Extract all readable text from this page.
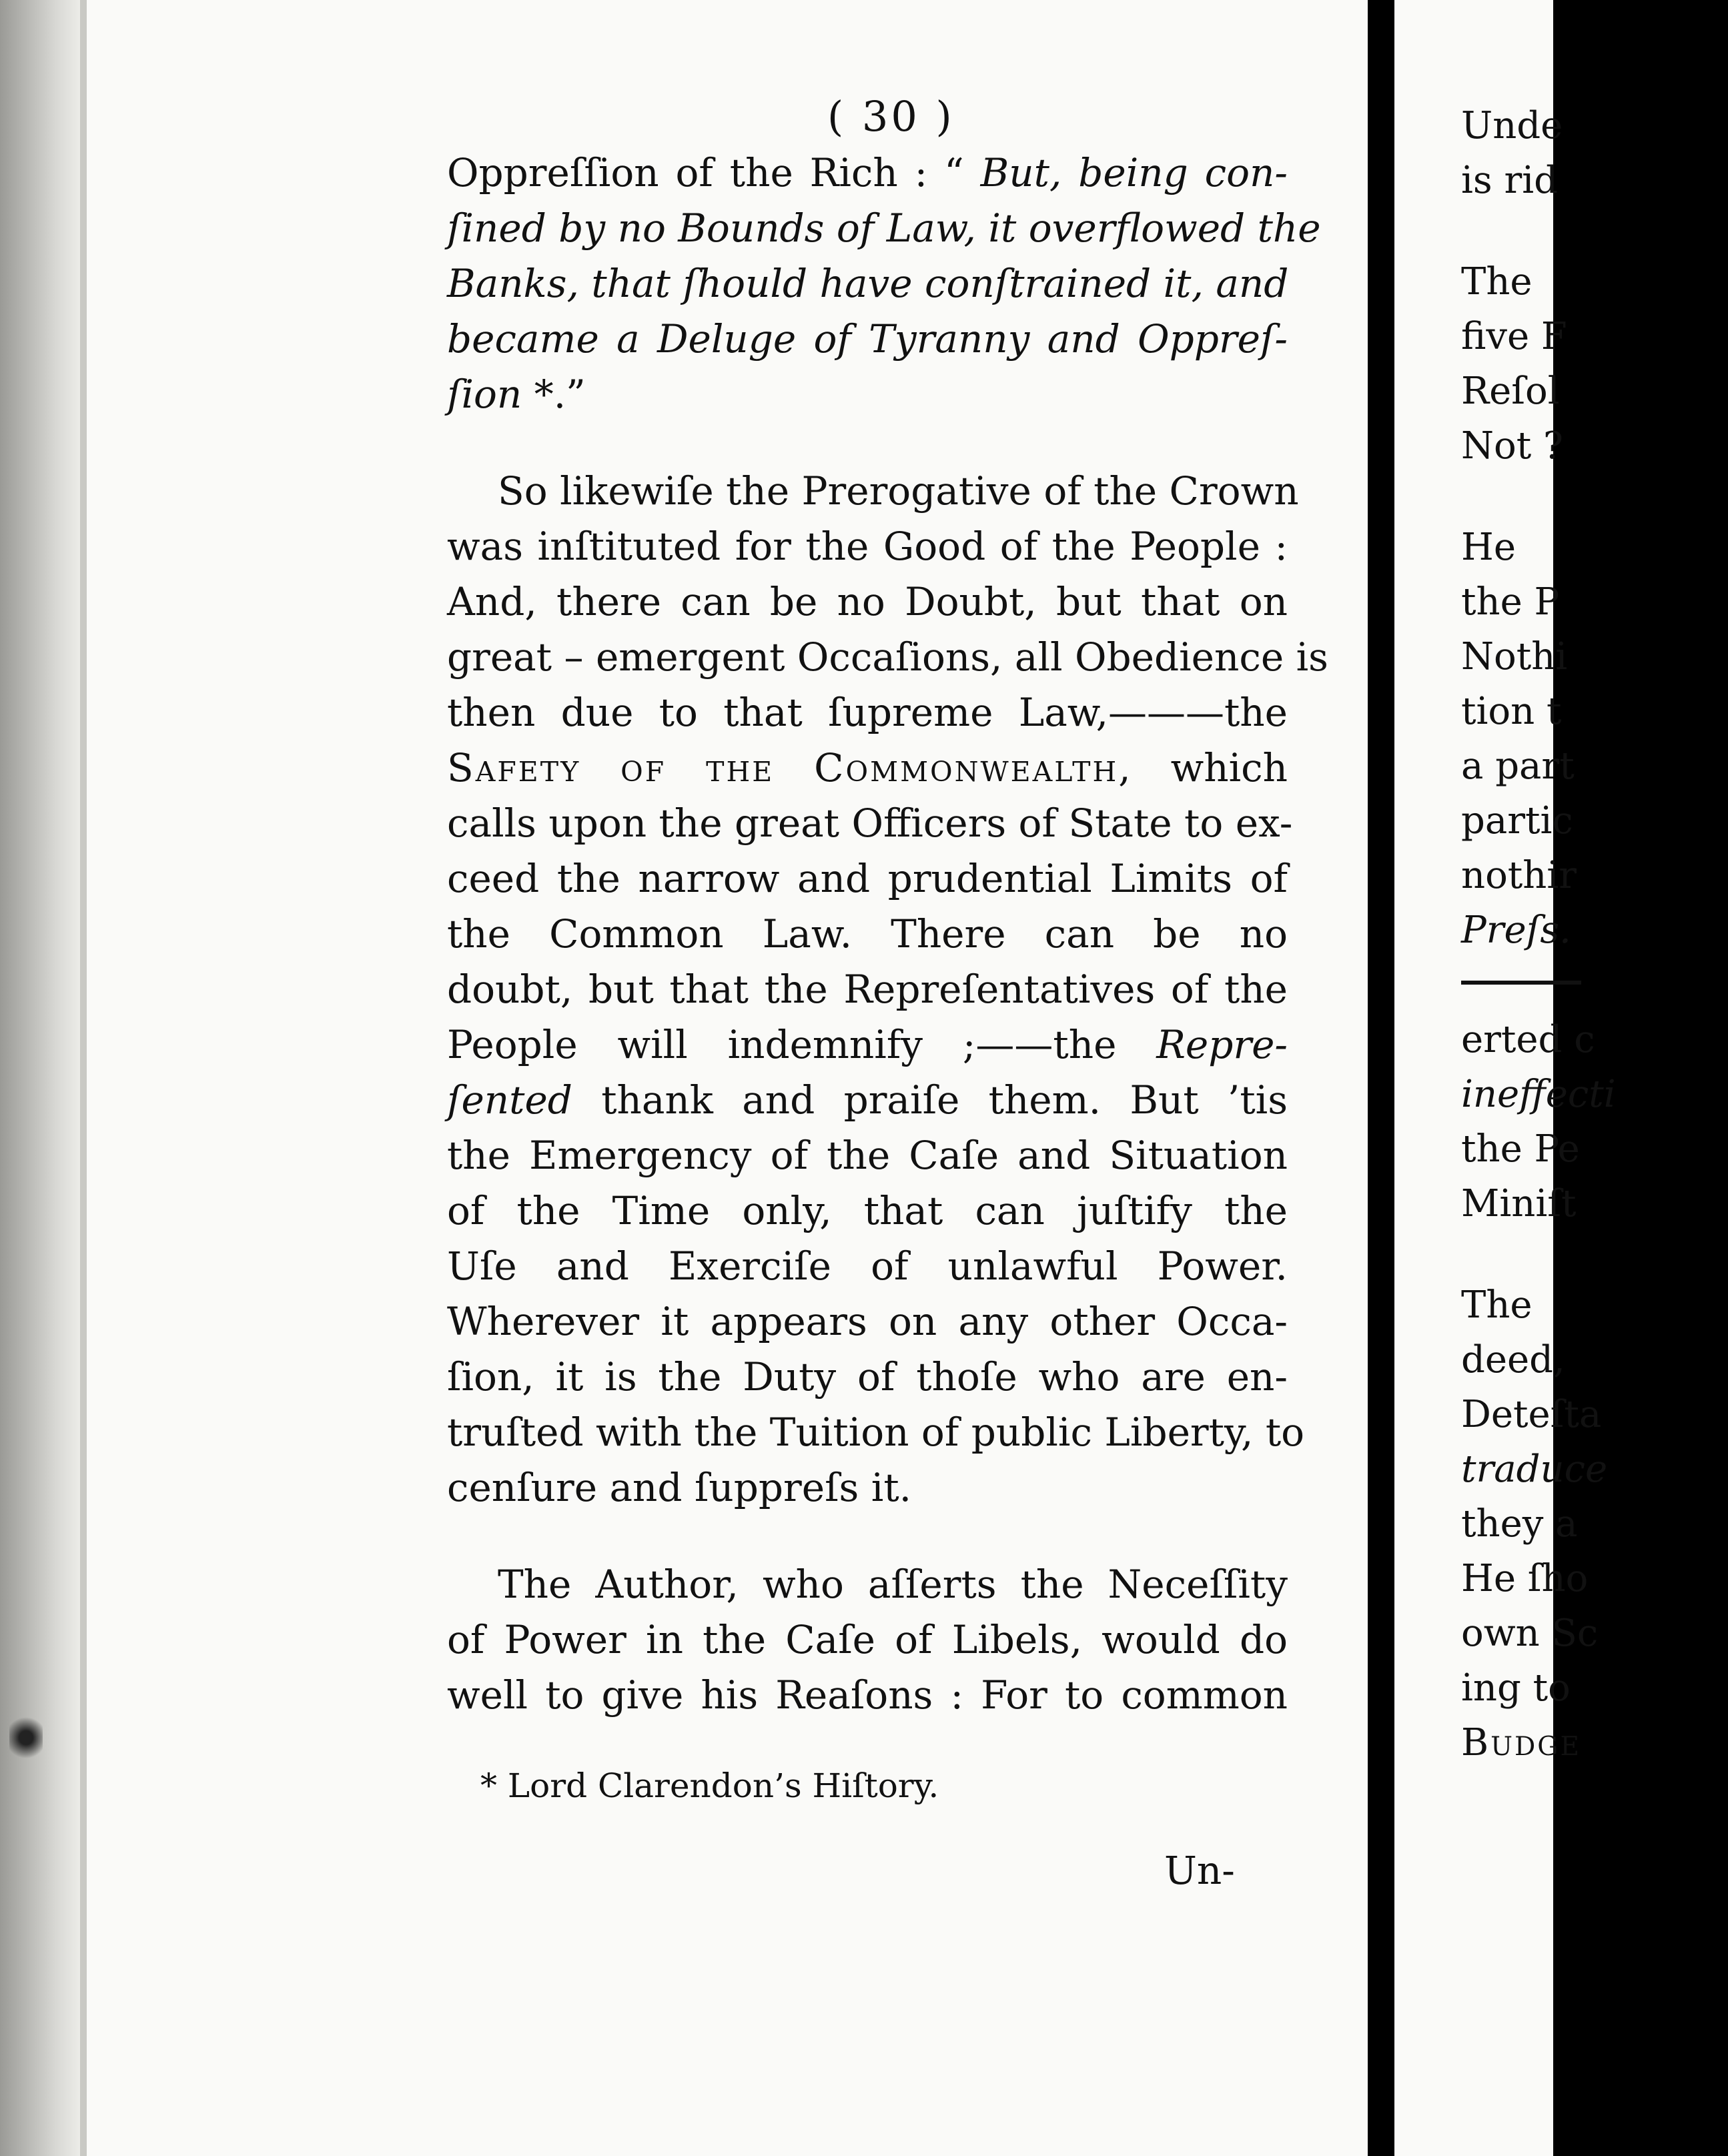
( 30 )
Oppreſſion of the Rich : “ But, being con-
ſined by no Bounds of Law, it overflowed the
Banks, that ſhould have conſtrained it, and
became a Deluge of Tyranny and Oppreſ-
ſion *.”
So likewiſe the Prerogative of the Crown
was inſtituted for the Good of the People :
And, there can be no Doubt, but that on
great – emergent Occaſions, all Obedience is
then due to that ſupreme Law,———the
Safety of the Commonwealth, which
calls upon the great Officers of State to ex-
ceed the narrow and prudential Limits of
the Common Law. There can be no
doubt, but that the Repreſentatives of the
People will indemnify ;——the Repre-
ſented thank and praiſe them. But ’tis
the Emergency of the Caſe and Situation
of the Time only, that can juſtify the
Uſe and Exerciſe of unlawful Power.
Wherever it appears on any other Occa-
ſion, it is the Duty of thoſe who are en-
truſted with the Tuition of public Liberty, to
cenſure and ſuppreſs it.
The Author, who aſſerts the Neceſſity
of Power in the Caſe of Libels, would do
well to give his Reaſons : For to common
* Lord Clarendon’s Hiſtory.
Un-
Unde
is rid
The
five F
Reſol
Not ?
He
the P
Nothi
tion t
a part
partic
nothir
Preſs.
erted c
ineffecti
the Pe
Miniſt
The
deed,
Deteſta
traduce
they a
He ſho
own Sc
ing to
Budge
